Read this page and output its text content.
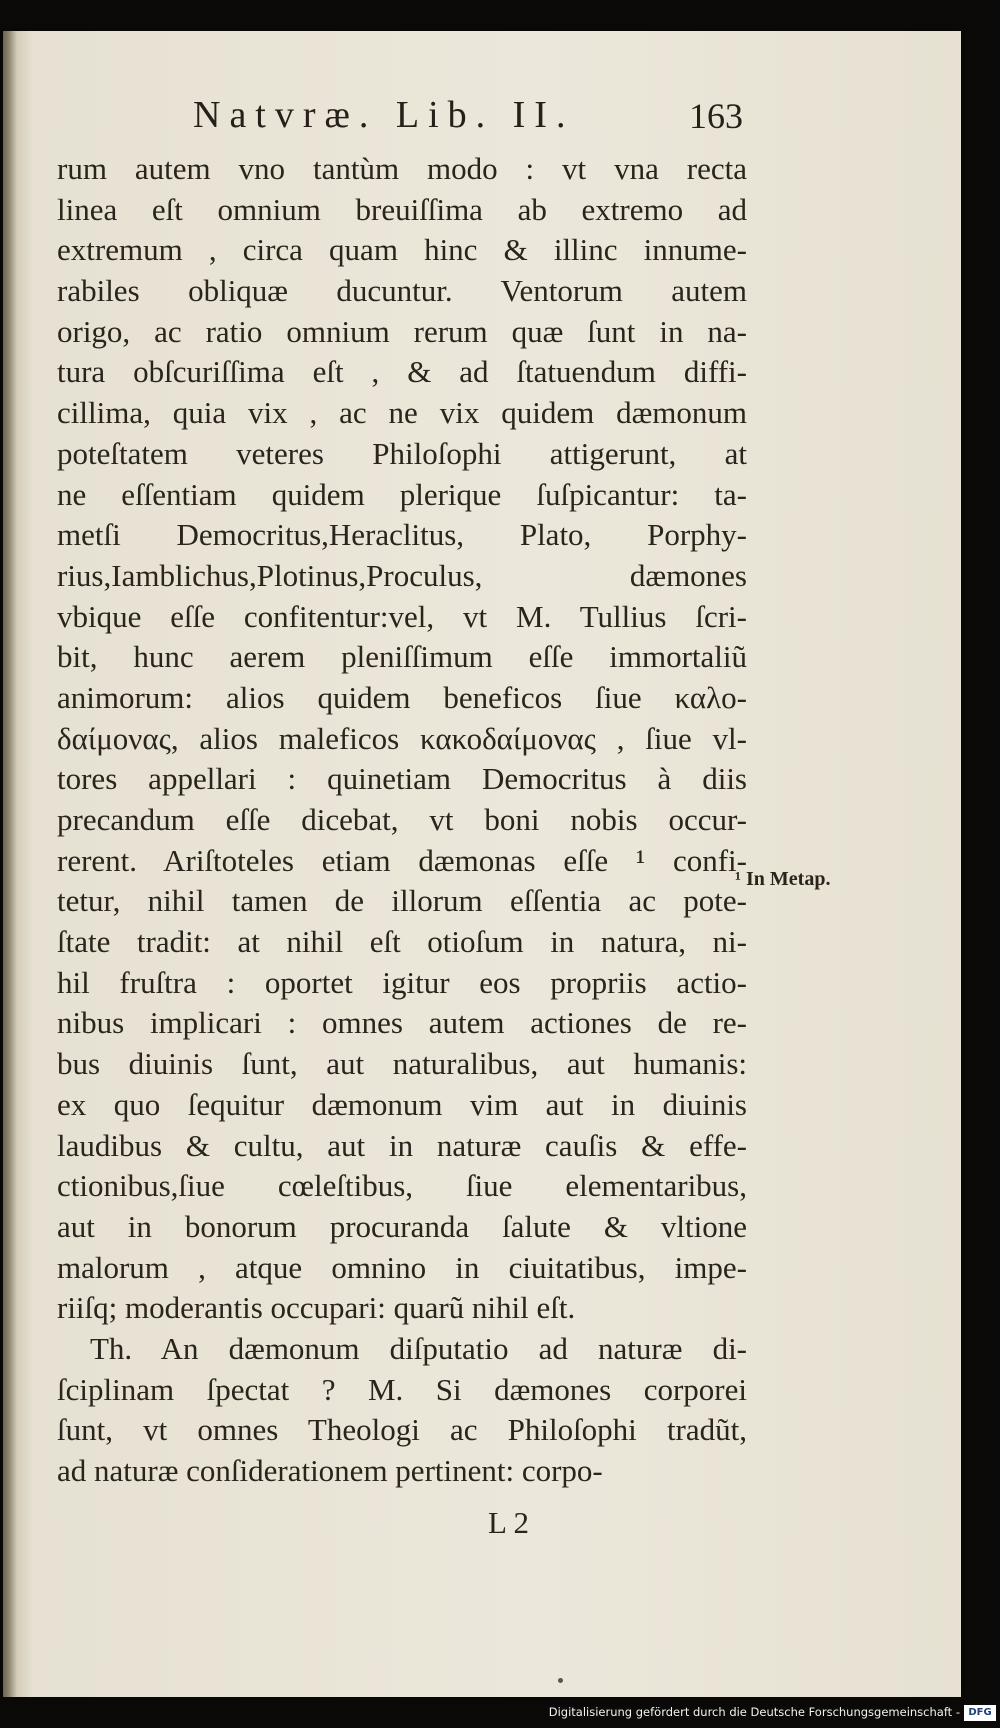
Natvræ. Lib. II.	163
rum autem vno tantùm modo : vt vna recta
linea eſt omnium breuiſſima ab extremo ad
extremum , circa quam hinc & illinc innume-
rabiles obliquæ ducuntur. Ventorum autem
origo, ac ratio omnium rerum quæ ſunt in na-
tura obſcuriſſima eſt , & ad ſtatuendum diffi-
cillima, quia vix , ac ne vix quidem dæmonum
poteſtatem veteres Philoſophi attigerunt, at
ne eſſentiam quidem plerique ſuſpicantur: ta-
metſi Democritus,Heraclitus, Plato, Porphy-
rius,Iamblichus,Plotinus,Proculus, dæmones
vbique eſſe confitentur:vel, vt M. Tullius ſcri-
bit, hunc aerem pleniſſimum eſſe immortaliũ
animorum: alios quidem beneficos ſiue καλο-
δαίμονας, alios maleficos κακοδαίμονας , ſiue vl-
tores appellari : quinetiam Democritus à diis
precandum eſſe dicebat, vt boni nobis occur-
rerent. Ariſtoteles etiam dæmonas eſſe ¹ confi-
tetur, nihil tamen de illorum eſſentia ac pote-
ſtate tradit: at nihil eſt otioſum in natura, ni-
hil fruſtra : oportet igitur eos propriis actio-
nibus implicari : omnes autem actiones de re-
bus diuinis ſunt, aut naturalibus, aut humanis:
ex quo ſequitur dæmonum vim aut in diuinis
laudibus & cultu, aut in naturæ cauſis & effe-
ctionibus,ſiue cœleſtibus, ſiue elementaribus,
aut in bonorum procuranda ſalute & vltione
malorum , atque omnino in ciuitatibus, impe-
riiſq; moderantis occupari: quarũ nihil eſt.
Th. An dæmonum diſputatio ad naturæ di-
ſciplinam ſpectat ? M. Si dæmones corporei
ſunt, vt omnes Theologi ac Philoſophi tradũt,
ad naturæ conſiderationem pertinent: corpo-
¹ In Metap.
L 2
Digitalisierung gefördert durch die Deutsche Forschungsgemeinschaft - DFG
